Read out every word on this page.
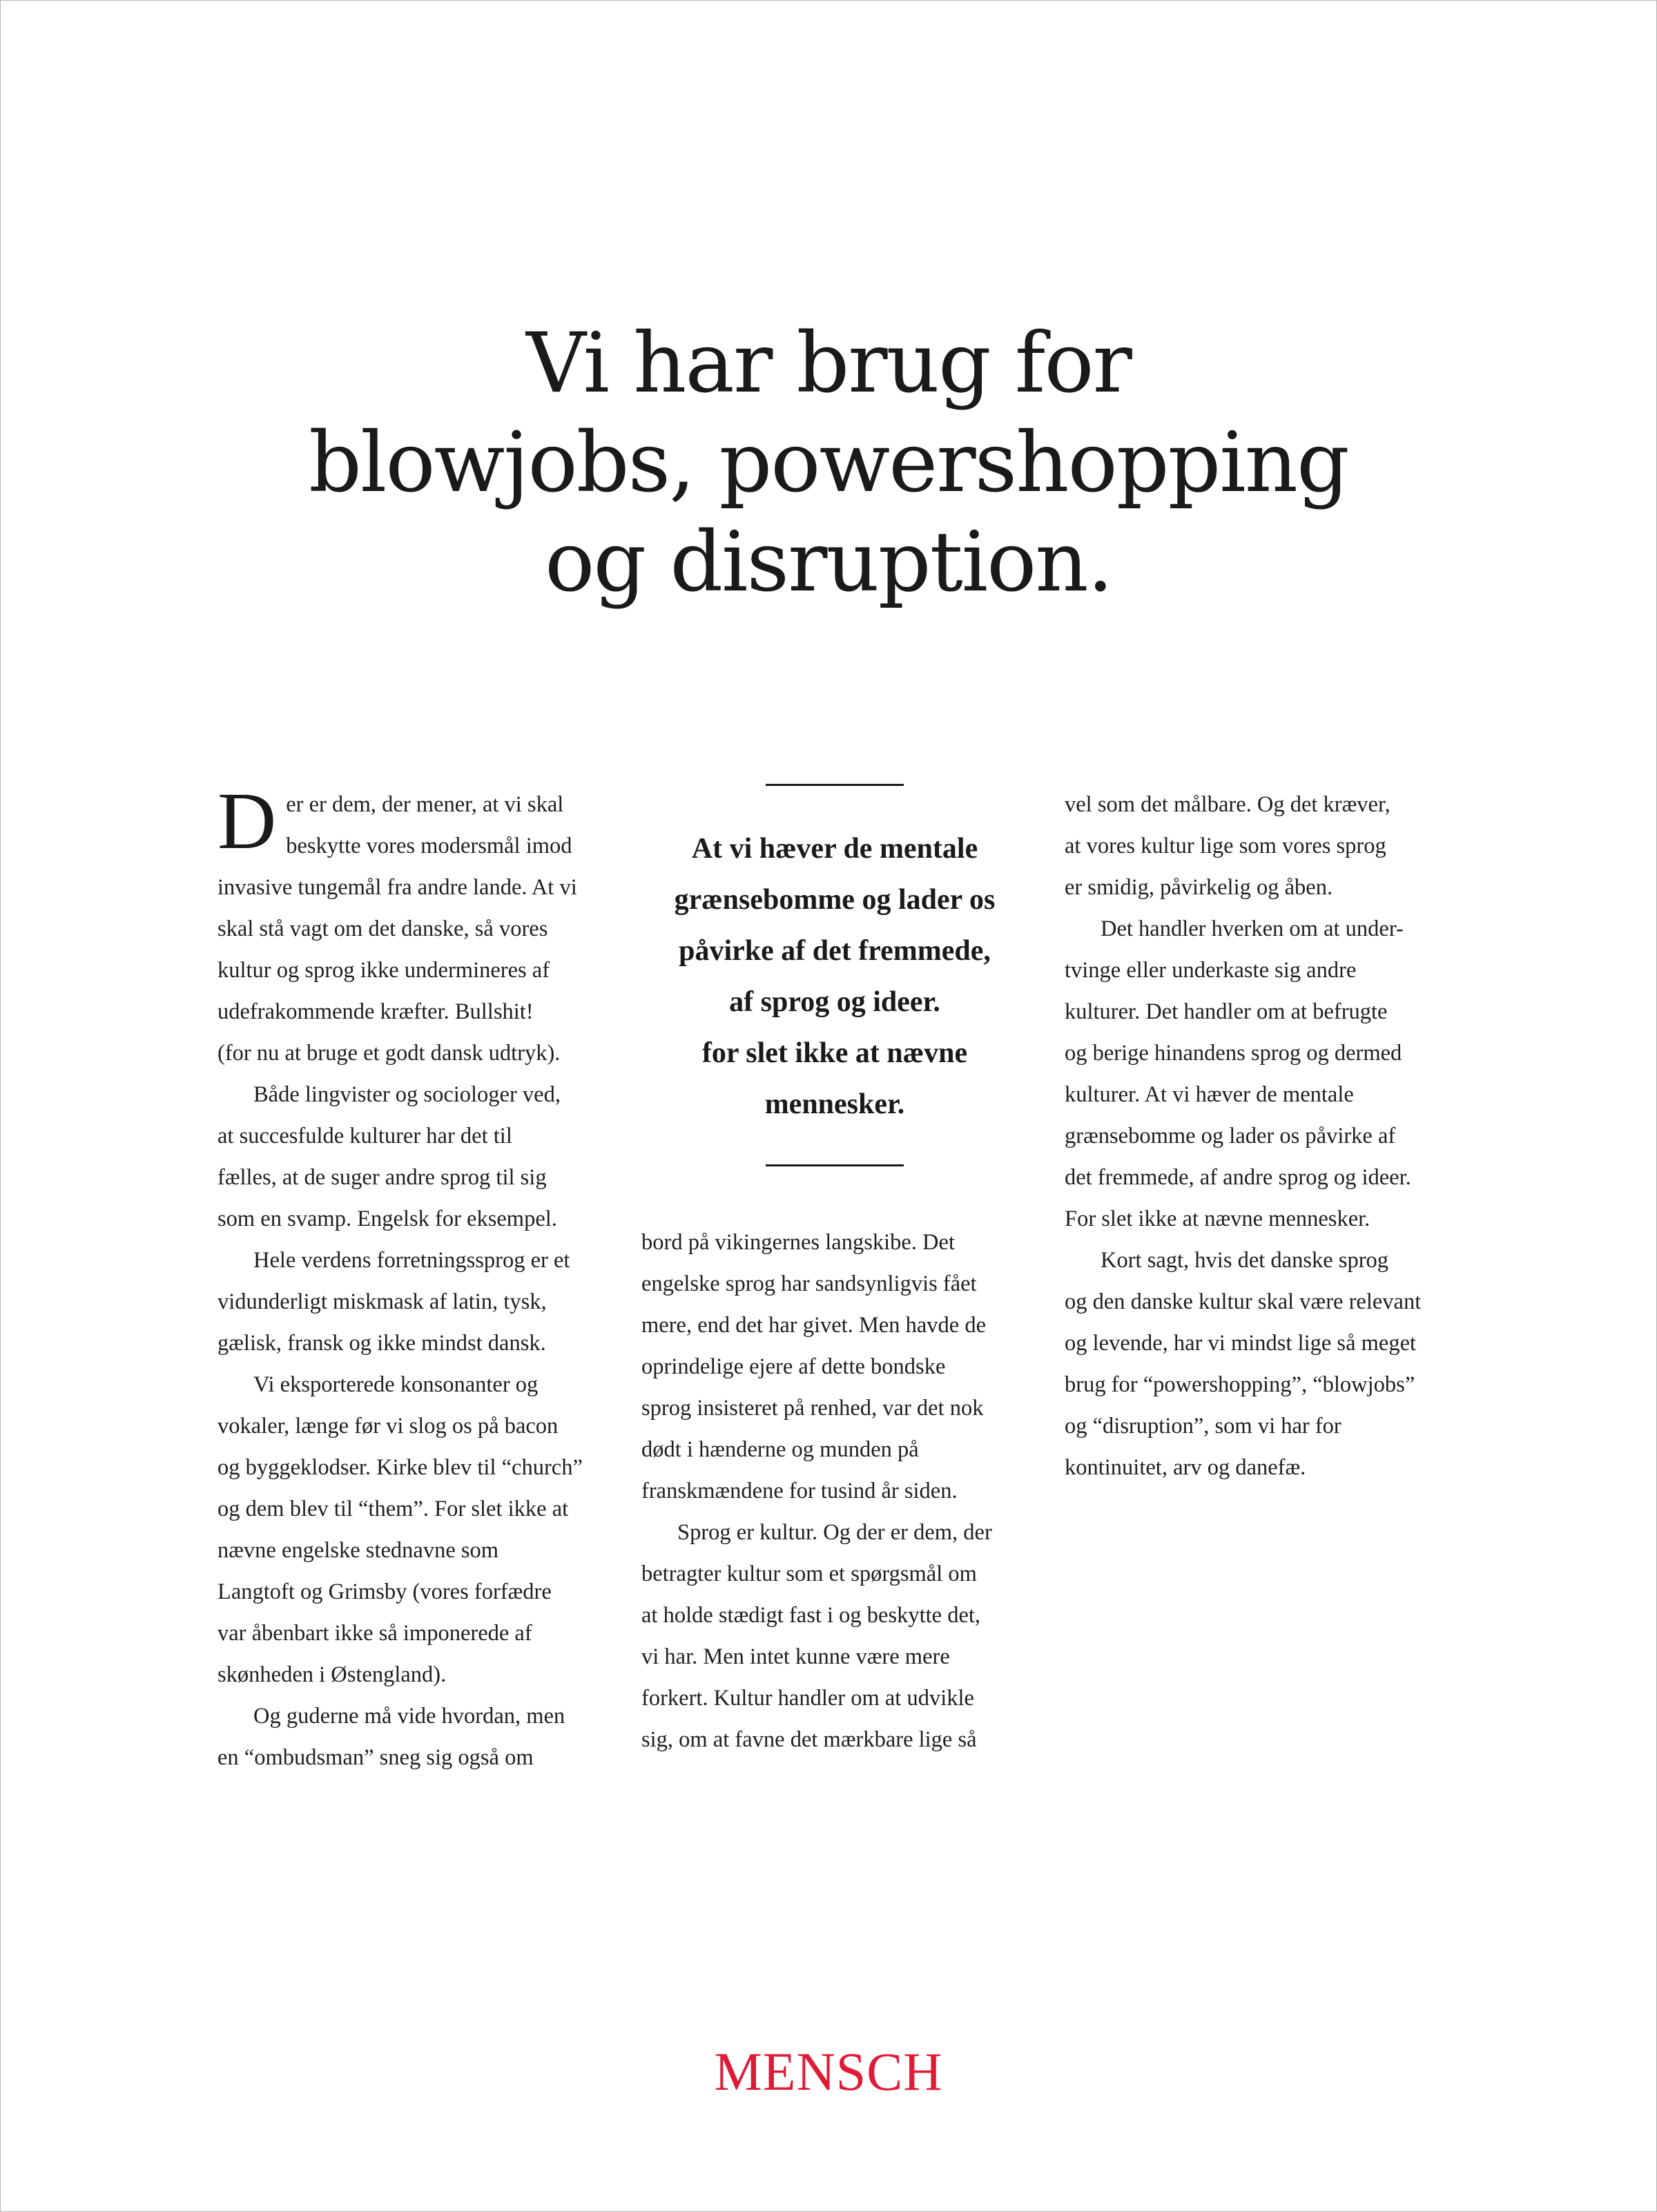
Vi har brug for
blowjobs, powershopping
og disruption.

D er er dem, der mener, at vi skal
beskytte vores modersmål imod
invasive tungemål fra andre lande. At vi
skal stå vagt om det danske, så vores
kultur og sprog ikke undermineres af
udefrakommende kræfter. Bullshit!
(for nu at bruge et godt dansk udtryk).

Både lingvister og sociologer ved,
at succesfulde kulturer har det til
fælles, at de suger andre sprog til sig
som en svamp. Engelsk for eksempel.

Hele verdens forretningssprog er et
vidunderligt miskmask af latin, tysk,
gælisk, fransk og ikke mindst dansk.

Vi eksporterede konsonanter og
vokaler, længe før vi slog os på bacon
og byggeklodser. Kirke blev til “church”
og dem blev til “them”. For slet ikke at
nævne engelske stednavne som
Langtoft og Grimsby (vores forfædre
var åbenbart ikke så imponerede af
skønheden i Østengland).

Og guderne må vide hvordan, men
en “ombudsman” sneg sig også om

At vi hæver de mentale
grænsebomme og lader os
påvirke af det fremmede,
af sprog og ideer.
for slet ikke at nævne
mennesker.

bord på vikingernes langskibe. Det
engelske sprog har sandsynligvis fået
mere, end det har givet. Men havde de
oprindelige ejere af dette bondske
sprog insisteret på renhed, var det nok
dødt i hænderne og munden på
franskmændene for tusind år siden.

Sprog er kultur. Og der er dem, der
betragter kultur som et spørgsmål om
at holde stædigt fast i og beskytte det,
vi har. Men intet kunne være mere
forkert. Kultur handler om at udvikle
sig, om at favne det mærkbare lige så

vel som det målbare. Og det kræver,
at vores kultur lige som vores sprog
er smidig, påvirkelig og åben.

Det handler hverken om at under-
tvinge eller underkaste sig andre
kulturer. Det handler om at befrugte
og berige hinandens sprog og dermed
kulturer. At vi hæver de mentale
grænsebomme og lader os påvirke af
det fremmede, af andre sprog og ideer.
For slet ikke at nævne mennesker.

Kort sagt, hvis det danske sprog
og den danske kultur skal være relevant
og levende, har vi mindst lige så meget
brug for “powershopping”, “blowjobs”
og “disruption”, som vi har for
kontinuitet, arv og danefæ.

MENSCH
